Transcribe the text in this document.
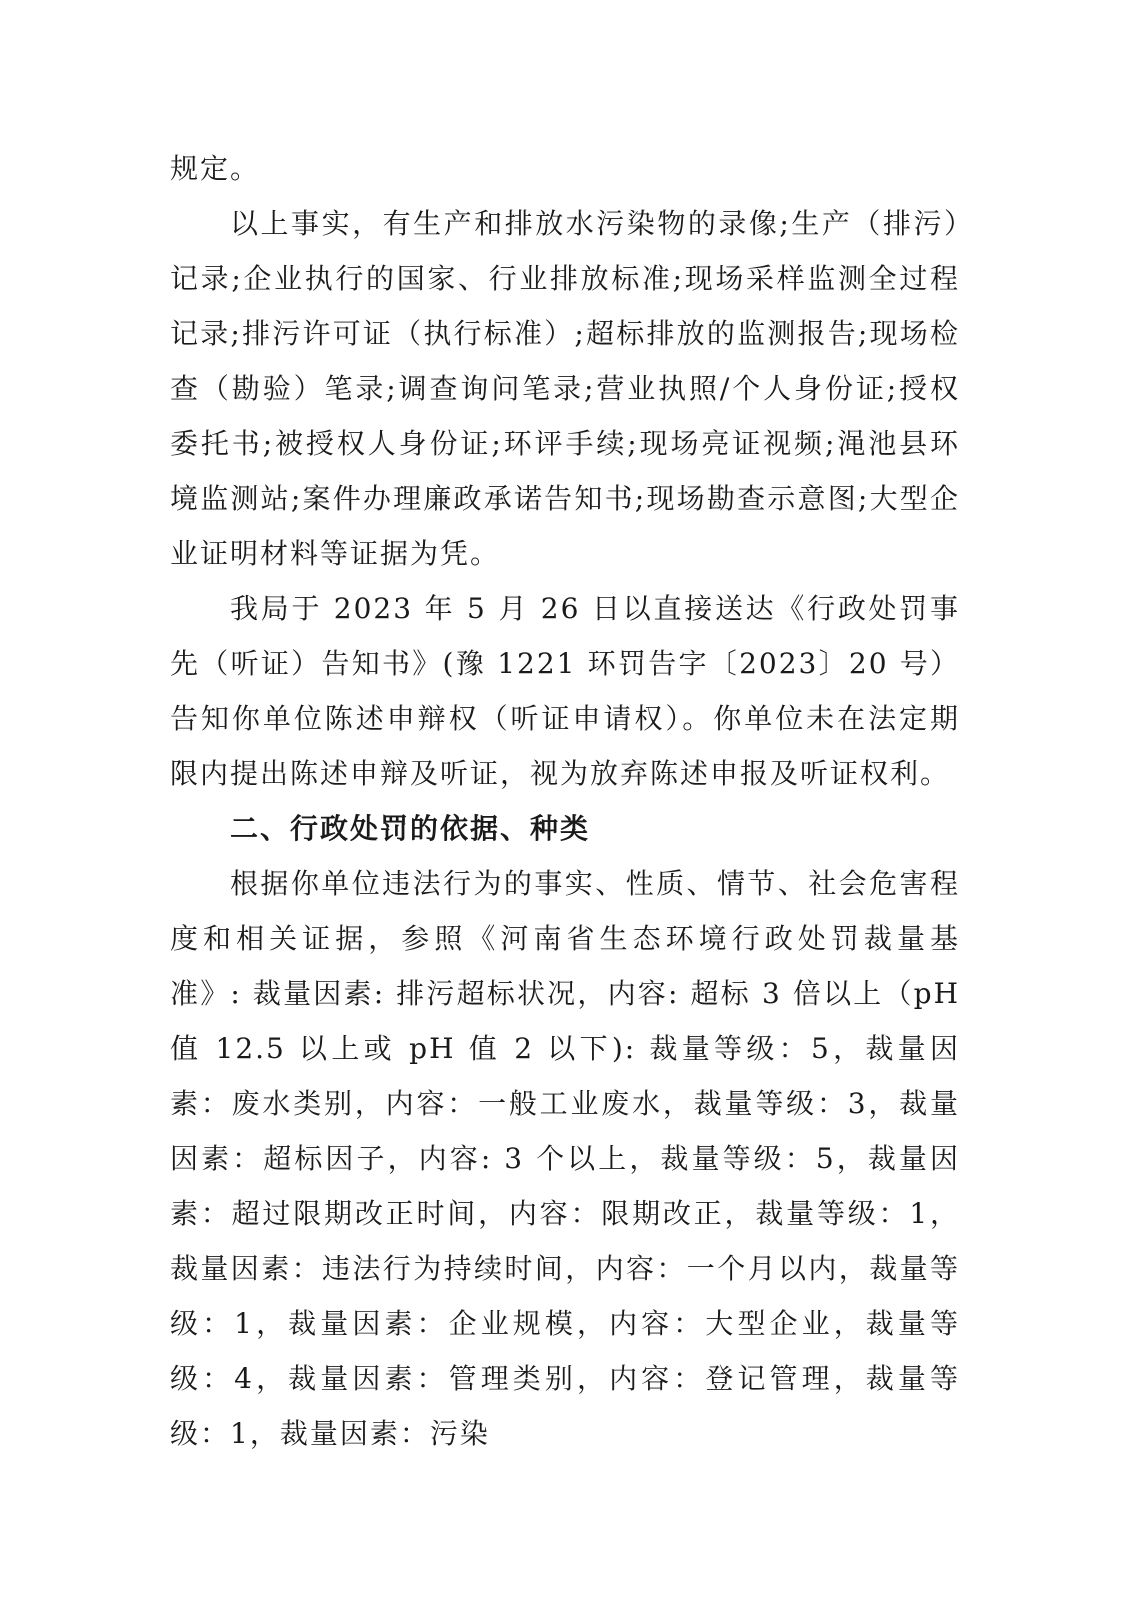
规定。

以上事实，有生产和排放水污染物的录像;生产（排污）记录;企业执行的国家、行业排放标准;现场采样监测全过程记录;排污许可证（执行标准）;超标排放的监测报告;现场检查（勘验）笔录;调查询问笔录;营业执照/个人身份证;授权委托书;被授权人身份证;环评手续;现场亮证视频;渑池县环境监测站;案件办理廉政承诺告知书;现场勘查示意图;大型企业证明材料等证据为凭。

我局于 2023 年 5 月 26 日以直接送达《行政处罚事先（听证）告知书》(豫 1221 环罚告字〔2023〕20 号）告知你单位陈述申辩权（听证申请权）。你单位未在法定期限内提出陈述申辩及听证，视为放弃陈述申报及听证权利。

二、行政处罚的依据、种类

根据你单位违法行为的事实、性质、情节、社会危害程度和相关证据，参照《河南省生态环境行政处罚裁量基准》: 裁量因素: 排污超标状况，内容: 超标 3 倍以上（pH 值 12.5 以上或 pH 值 2 以下): 裁量等级：5，裁量因素：废水类别，内容：一般工业废水，裁量等级：3，裁量因素：超标因子，内容: 3 个以上，裁量等级：5，裁量因素：超过限期改正时间，内容：限期改正，裁量等级：1，裁量因素：违法行为持续时间，内容：一个月以内，裁量等级：1，裁量因素：企业规模，内容：大型企业，裁量等级：4，裁量因素：管理类别，内容：登记管理，裁量等级：1，裁量因素：污染
